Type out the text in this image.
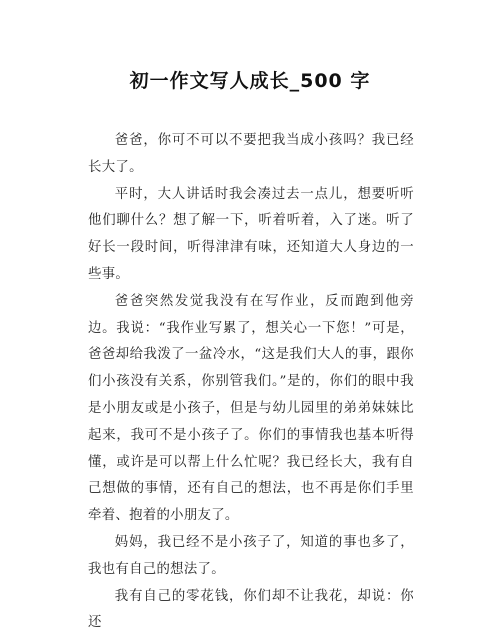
初一作文写人成长_500 字

爸爸，你可不可以不要把我当成小孩吗？我已经长大了。

平时，大人讲话时我会凑过去一点儿，想要听听他们聊什么？想了解一下，听着听着，入了迷。听了好长一段时间，听得津津有味，还知道大人身边的一些事。

爸爸突然发觉我没有在写作业，反而跑到他旁边。我说：“我作业写累了，想关心一下您！”可是，爸爸却给我泼了一盆冷水，“这是我们大人的事，跟你们小孩没有关系，你别管我们。”是的，你们的眼中我是小朋友或是小孩子，但是与幼儿园里的弟弟妹妹比起来，我可不是小孩子了。你们的事情我也基本听得懂，或许是可以帮上什么忙呢？我已经长大，我有自己想做的事情，还有自己的想法，也不再是你们手里牵着、抱着的小朋友了。

妈妈，我已经不是小孩子了，知道的事也多了，我也有自己的想法了。

我有自己的零花钱，你们却不让我花，却说：你还
